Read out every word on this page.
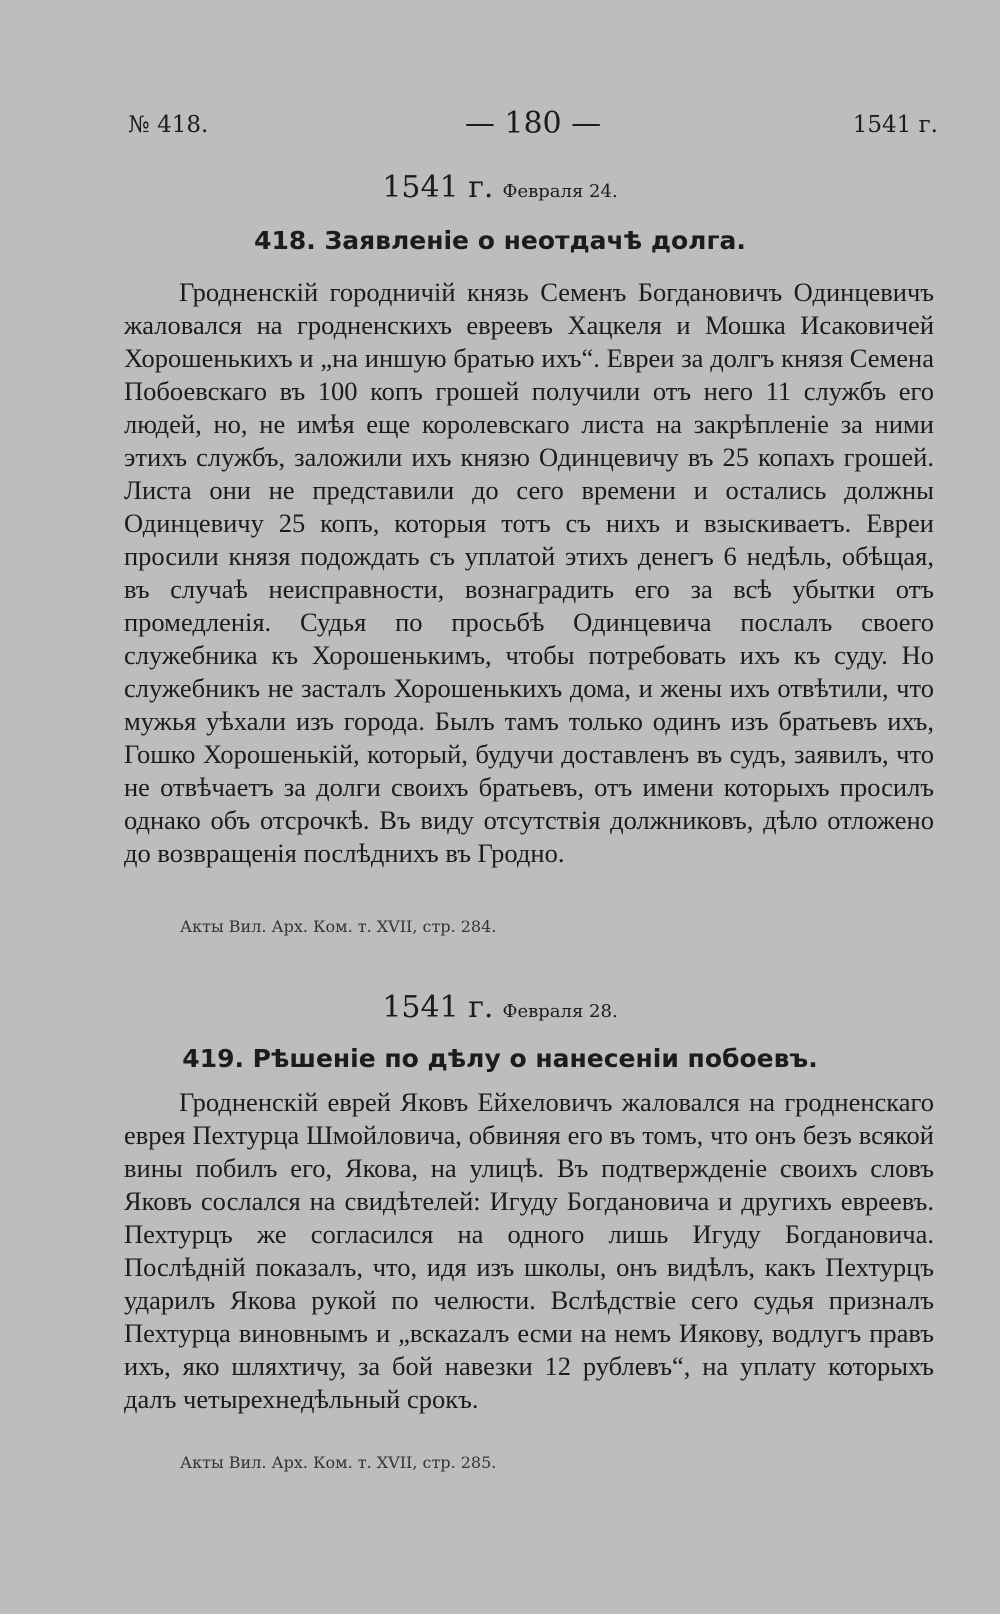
№ 418.	— 180 —	1541 г.
1541 г. Февраля 24.
418. Заявленіе о неотдачѣ долга.

Гродненскій городничій князь Семенъ Богдановичъ Одинцевичъ жаловался на гродненскихъ евреевъ Хацкеля и Мошка Исаковичей Хорошенькихъ и „на иншую братью ихъ“. Евреи за долгъ князя Семена Побоевскаго въ 100 копъ грошей получили отъ него 11 службъ его людей, но, не имѣя еще королевскаго листа на закрѣпленіе за ними этихъ службъ, заложили ихъ князю Одинцевичу въ 25 копахъ грошей. Листа они не представили до сего времени и остались должны Одинцевичу 25 копъ, которыя тотъ съ нихъ и взыскиваетъ. Евреи просили князя подождать съ уплатой этихъ денегъ 6 недѣль, обѣщая, въ случаѣ неисправности, вознаградить его за всѣ убытки отъ промедленія. Судья по просьбѣ Одинцевича послалъ своего служебника къ Хорошенькимъ, чтобы потребовать ихъ къ суду. Но служебникъ не засталъ Хорошенькихъ дома, и жены ихъ отвѣтили, что мужья уѣхали изъ города. Былъ тамъ только одинъ изъ братьевъ ихъ, Гошко Хорошенькій, который, будучи доставленъ въ судъ, заявилъ, что не отвѣчаетъ за долги своихъ братьевъ, отъ имени которыхъ просилъ однако объ отсрочкѣ. Въ виду отсутствія должниковъ, дѣло отложено до возвращенія послѣднихъ въ Гродно.

Акты Вил. Арх. Ком. т. XVII, стр. 284.
1541 г. Февраля 28.
419. Рѣшеніе по дѣлу о нанесеніи побоевъ.

Гродненскій еврей Яковъ Ейхеловичъ жаловался на гродненскаго еврея Пехтурца Шмойловича, обвиняя его въ томъ, что онъ безъ всякой вины побилъ его, Якова, на улицѣ. Въ подтвержденіе своихъ словъ Яковъ сослался на свидѣтелей: Игуду Богдановича и другихъ евреевъ. Пехтурцъ же согласился на одного лишь Игуду Богдановича. Послѣдній показалъ, что, идя изъ школы, онъ видѣлъ, какъ Пехтурцъ ударилъ Якова рукой по челюсти. Вслѣдствіе сего судья призналъ Пехтурца виновнымъ и „вскazалъ есми на немъ Иякову, водлугъ правъ ихъ, яко шляхтичу, за бой навезки 12 рублевъ“, на уплату которыхъ далъ четырехнедѣльный срокъ.

Акты Вил. Арх. Ком. т. XVII, стр. 285.
